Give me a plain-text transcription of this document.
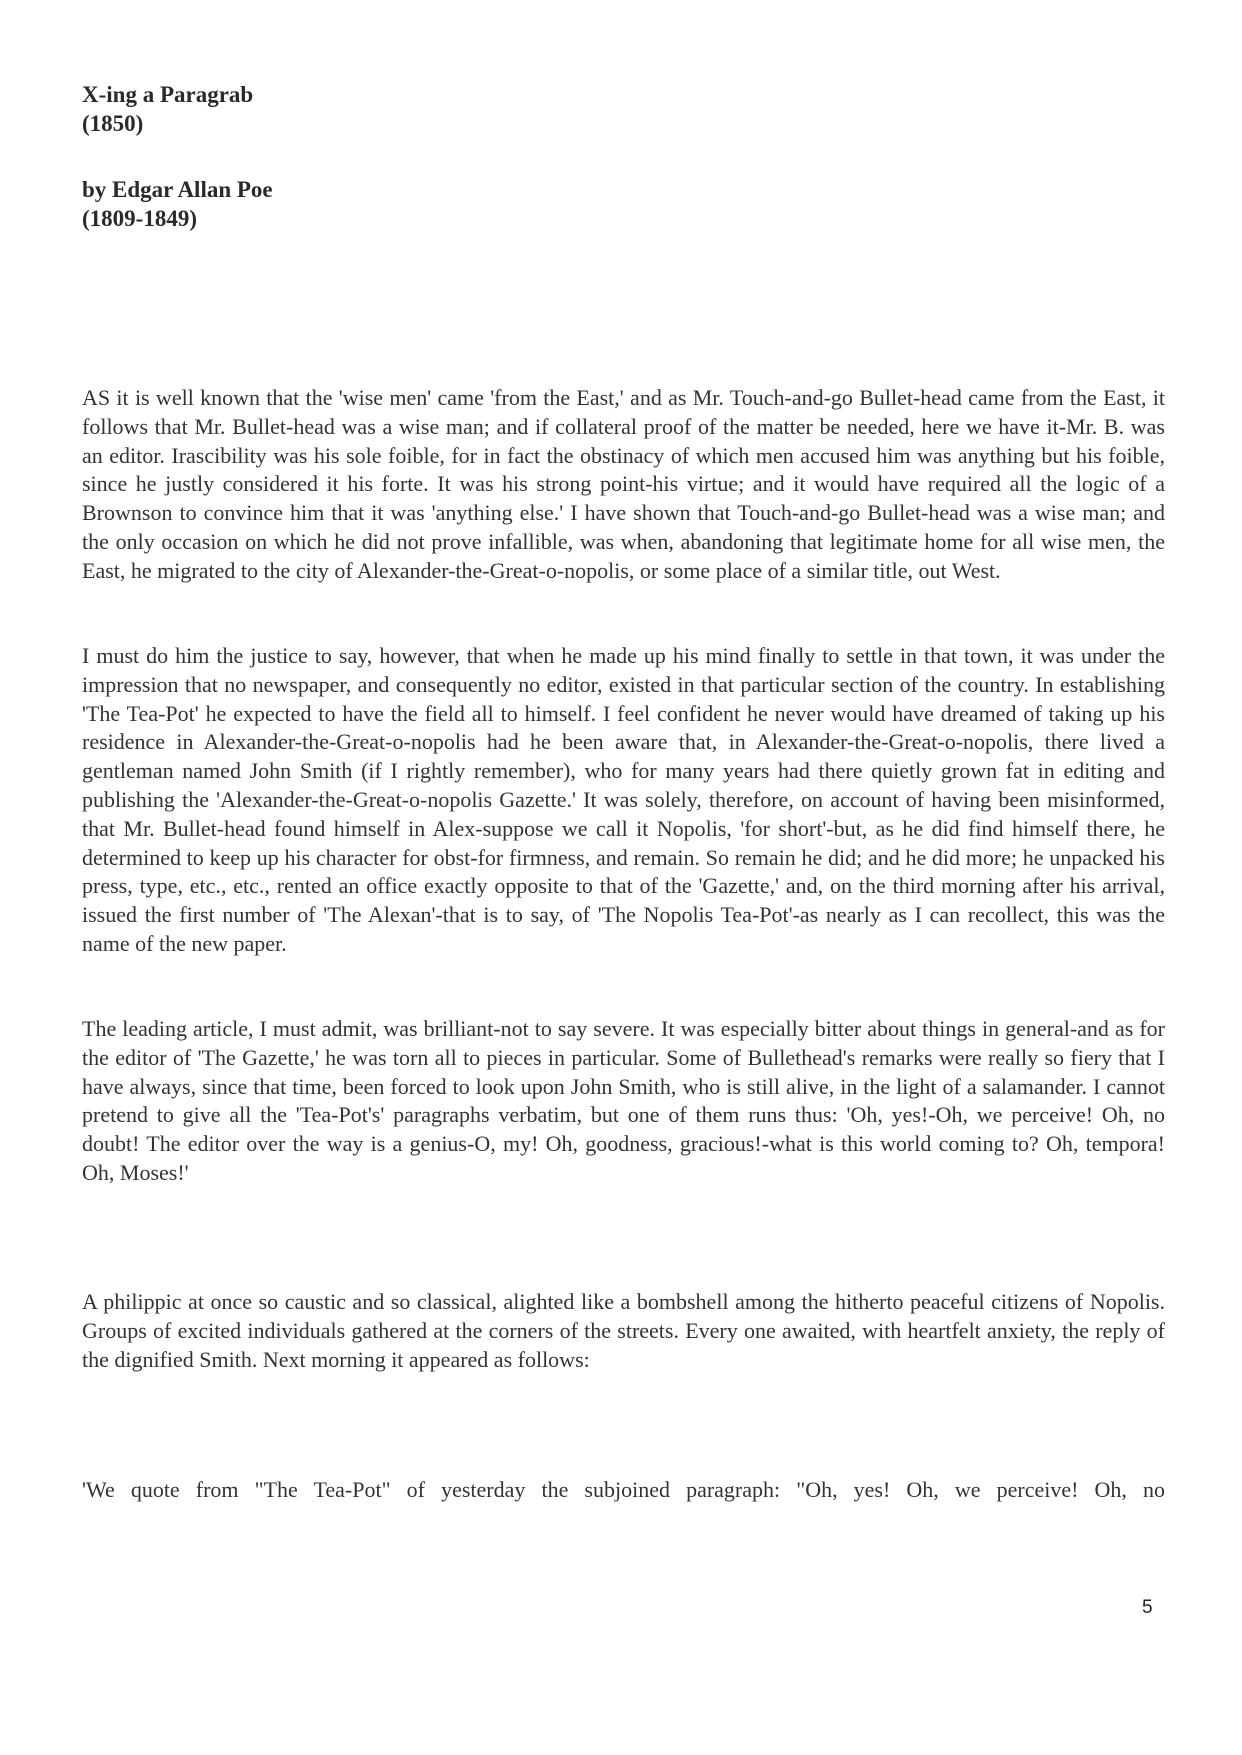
X-ing a Paragrab
(1850)
by Edgar Allan Poe
(1809-1849)

AS it is well known that the 'wise men' came 'from the East,' and as Mr. Touch-and-go Bullet-head came from the East, it follows that Mr. Bullet-head was a wise man; and if collateral proof of the matter be needed, here we have it-Mr. B. was an editor. Irascibility was his sole foible, for in fact the obstinacy of which men accused him was anything but his foible, since he justly considered it his forte. It was his strong point-his virtue; and it would have required all the logic of a Brownson to convince him that it was 'anything else.' I have shown that Touch-and-go Bullet-head was a wise man; and the only occasion on which he did not prove infallible, was when, abandoning that legitimate home for all wise men, the East, he migrated to the city of Alexander-the-Great-o-nopolis, or some place of a similar title, out West.

I must do him the justice to say, however, that when he made up his mind finally to settle in that town, it was under the impression that no newspaper, and consequently no editor, existed in that particular section of the country. In establishing 'The Tea-Pot' he expected to have the field all to himself. I feel confident he never would have dreamed of taking up his residence in Alexander-the-Great-o-nopolis had he been aware that, in Alexander-the-Great-o-nopolis, there lived a gentleman named John Smith (if I rightly remember), who for many years had there quietly grown fat in editing and publishing the 'Alexander-the-Great-o-nopolis Gazette.' It was solely, therefore, on account of having been misinformed, that Mr. Bullet-head found himself in Alex-suppose we call it Nopolis, 'for short'-but, as he did find himself there, he determined to keep up his character for obst-for firmness, and remain. So remain he did; and he did more; he unpacked his press, type, etc., etc., rented an office exactly opposite to that of the 'Gazette,' and, on the third morning after his arrival, issued the first number of 'The Alexan'-that is to say, of 'The Nopolis Tea-Pot'-as nearly as I can recollect, this was the name of the new paper.

The leading article, I must admit, was brilliant-not to say severe. It was especially bitter about things in general-and as for the editor of 'The Gazette,' he was torn all to pieces in particular. Some of Bullethead's remarks were really so fiery that I have always, since that time, been forced to look upon John Smith, who is still alive, in the light of a salamander. I cannot pretend to give all the 'Tea-Pot's' paragraphs verbatim, but one of them runs thus: 'Oh, yes!-Oh, we perceive! Oh, no doubt! The editor over the way is a genius-O, my! Oh, goodness, gracious!-what is this world coming to? Oh, tempora! Oh, Moses!'

A philippic at once so caustic and so classical, alighted like a bombshell among the hitherto peaceful citizens of Nopolis. Groups of excited individuals gathered at the corners of the streets. Every one awaited, with heartfelt anxiety, the reply of the dignified Smith. Next morning it appeared as follows:

'We quote from "The Tea-Pot" of yesterday the subjoined paragraph: "Oh, yes! Oh, we perceive! Oh, no

5
